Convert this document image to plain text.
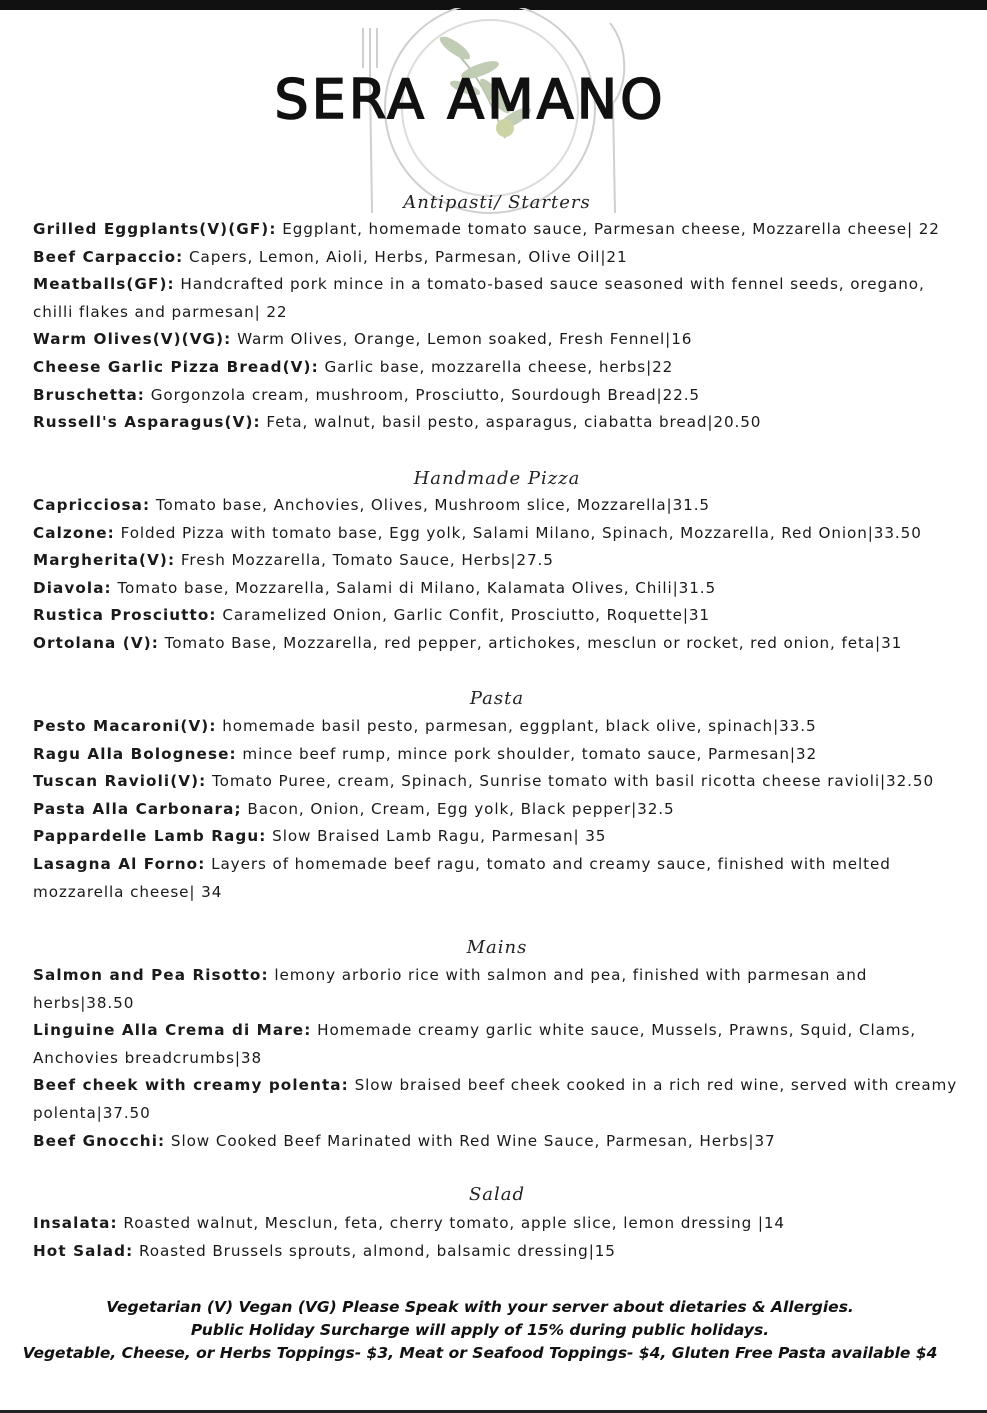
SERA AMANO
Antipasti/ Starters

Grilled Eggplants(V)(GF): Eggplant, homemade tomato sauce, Parmesan cheese, Mozzarella cheese| 22

Beef Carpaccio: Capers, Lemon, Aioli, Herbs, Parmesan, Olive Oil|21

Meatballs(GF): Handcrafted pork mince in a tomato-based sauce seasoned with fennel seeds, oregano, chilli flakes and parmesan| 22

Warm Olives(V)(VG): Warm Olives, Orange, Lemon soaked, Fresh Fennel|16

Cheese Garlic Pizza Bread(V): Garlic base, mozzarella cheese, herbs|22

Bruschetta: Gorgonzola cream, mushroom, Prosciutto, Sourdough Bread|22.5

Russell's Asparagus(V): Feta, walnut, basil pesto, asparagus, ciabatta bread|20.50

Handmade Pizza

Capricciosa: Tomato base, Anchovies, Olives, Mushroom slice, Mozzarella|31.5

Calzone: Folded Pizza with tomato base, Egg yolk, Salami Milano, Spinach, Mozzarella, Red Onion|33.50

Margherita(V): Fresh Mozzarella, Tomato Sauce, Herbs|27.5

Diavola: Tomato base, Mozzarella, Salami di Milano, Kalamata Olives, Chili|31.5

Rustica Prosciutto: Caramelized Onion, Garlic Confit, Prosciutto, Roquette|31

Ortolana (V): Tomato Base, Mozzarella, red pepper, artichokes, mesclun or rocket, red onion, feta|31

Pasta

Pesto Macaroni(V): homemade basil pesto, parmesan, eggplant, black olive, spinach|33.5

Ragu Alla Bolognese: mince beef rump, mince pork shoulder, tomato sauce, Parmesan|32

Tuscan Ravioli(V): Tomato Puree, cream, Spinach, Sunrise tomato with basil ricotta cheese ravioli|32.50

Pasta Alla Carbonara; Bacon, Onion, Cream, Egg yolk, Black pepper|32.5

Pappardelle Lamb Ragu: Slow Braised Lamb Ragu, Parmesan| 35

Lasagna Al Forno: Layers of homemade beef ragu, tomato and creamy sauce, finished with melted mozzarella cheese| 34

Mains

Salmon and Pea Risotto: lemony arborio rice with salmon and pea, finished with parmesan and herbs|38.50

Linguine Alla Crema di Mare: Homemade creamy garlic white sauce, Mussels, Prawns, Squid, Clams, Anchovies breadcrumbs|38

Beef cheek with creamy polenta: Slow braised beef cheek cooked in a rich red wine, served with creamy polenta|37.50

Beef Gnocchi: Slow Cooked Beef Marinated with Red Wine Sauce, Parmesan, Herbs|37

Salad

Insalata: Roasted walnut, Mesclun, feta, cherry tomato, apple slice, lemon dressing |14

Hot Salad: Roasted Brussels sprouts, almond, balsamic dressing|15

Vegetarian (V) Vegan (VG) Please Speak with your server about dietaries & Allergies.
Public Holiday Surcharge will apply of 15% during public holidays.
Vegetable, Cheese, or Herbs Toppings- $3, Meat or Seafood Toppings- $4, Gluten Free Pasta available $4
